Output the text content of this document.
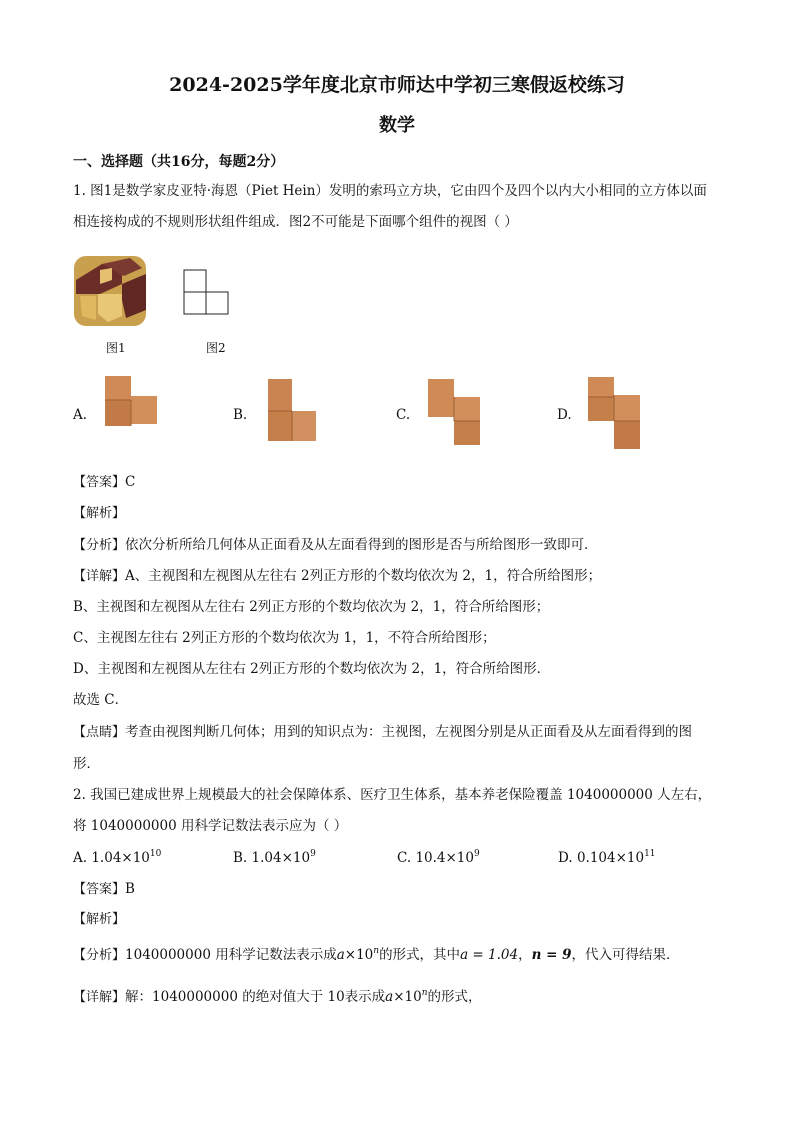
2024-2025学年度北京市师达中学初三寒假返校练习
数学
一、选择题（共16分，每题2分）
1. 图1是数学家皮亚特·海恩（Piet Hein）发明的索玛立方块，它由四个及四个以内大小相同的立方体以面
相连接构成的不规则形状组件组成．图2不可能是下面哪个组件的视图（ ）
图1	图2
A.	B.	C.	D.
【答案】C
【解析】
【分析】依次分析所给几何体从正面看及从左面看得到的图形是否与所给图形一致即可．
【详解】A、主视图和左视图从左往右 2列正方形的个数均依次为 2，1，符合所给图形；
B、主视图和左视图从左往右 2列正方形的个数均依次为 2，1，符合所给图形；
C、主视图左往右 2列正方形的个数均依次为 1，1，不符合所给图形；
D、主视图和左视图从左往右 2列正方形的个数均依次为 2，1，符合所给图形．
故选 C．
【点睛】考查由视图判断几何体；用到的知识点为：主视图，左视图分别是从正面看及从左面看得到的图
形．
2. 我国已建成世界上规模最大的社会保障体系、医疗卫生体系，基本养老保险覆盖 1040000000 人左右，
将 1040000000 用科学记数法表示应为（ ）
A. $1.04\times 10^{10}$	B. $1.04\times 10^9$	C. $10.4\times 10^9$	D. $0.104\times 10^{11}$
【答案】B
【解析】
【分析】1040000000 用科学记数法表示成$a\times 10^n$的形式，其中a = 1.04，n = 9，代入可得结果．
【详解】解：1040000000 的绝对值大于 10表示成$a\times 10^n$的形式，
